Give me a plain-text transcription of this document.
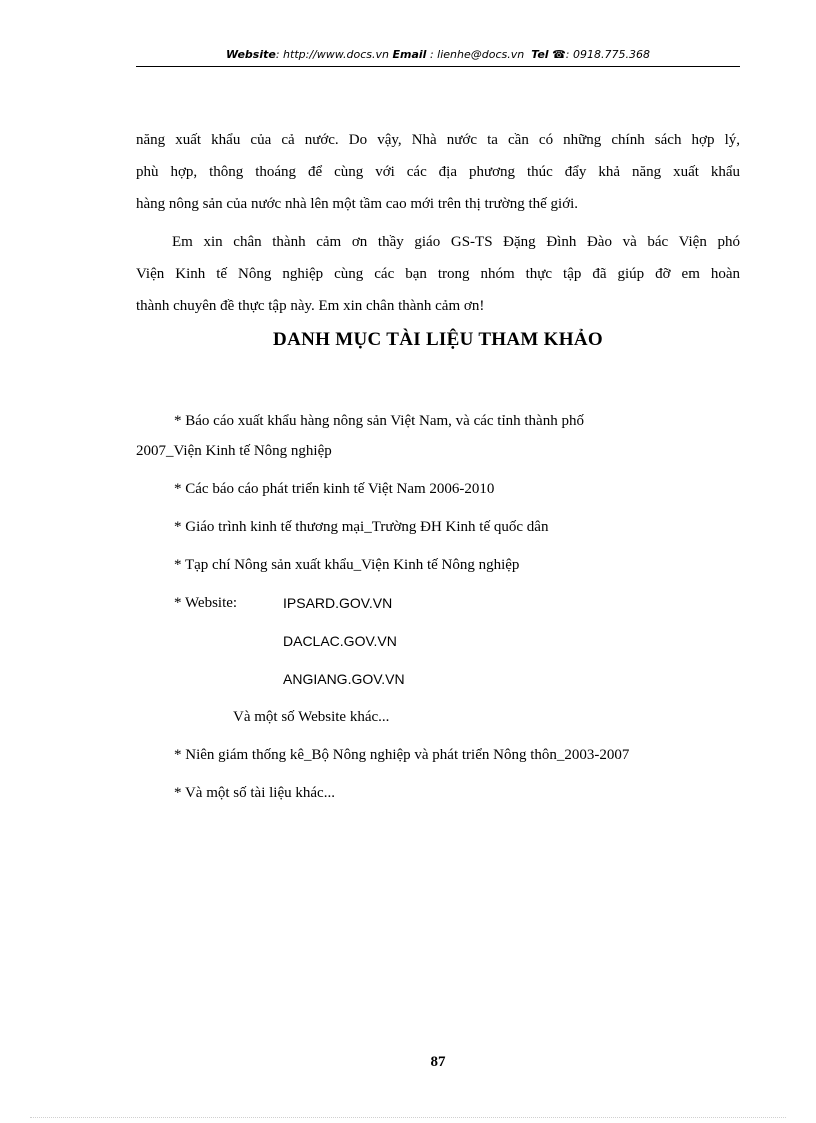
Website: http://www.docs.vn Email : lienhe@docs.vn Tel ☎: 0918.775.368
năng xuất khẩu của cả nước. Do vậy, Nhà nước ta cần có những chính sách hợp lý,
phù hợp, thông thoáng để cùng với các địa phương thúc đẩy khả năng xuất khẩu
hàng nông sản của nước nhà lên một tầm cao mới trên thị trường thế giới.
Em xin chân thành cảm ơn thầy giáo GS-TS Đặng Đình Đào và bác Viện phó
Viện Kinh tế Nông nghiệp cùng các bạn trong nhóm thực tập đã giúp đỡ em hoàn
thành chuyên đề thực tập này. Em xin chân thành cảm ơn!
DANH MỤC TÀI LIỆU THAM KHẢO
* Báo cáo xuất khẩu hàng nông sản Việt Nam, và các tỉnh thành phố
2007_Viện Kinh tế Nông nghiệp
* Các báo cáo phát triển kinh tế Việt Nam 2006-2010
* Giáo trình kinh tế thương mại_Trường ĐH Kinh tế quốc dân
* Tạp chí Nông sản xuất khẩu_Viện Kinh tế Nông nghiệp
* Website:	IPSARD.GOV.VN
DACLAC.GOV.VN
ANGIANG.GOV.VN
Và một số Website khác...
* Niên giám thống kê_Bộ Nông nghiệp và phát triển Nông thôn_2003-2007
* Và một số tài liệu khác...
87
